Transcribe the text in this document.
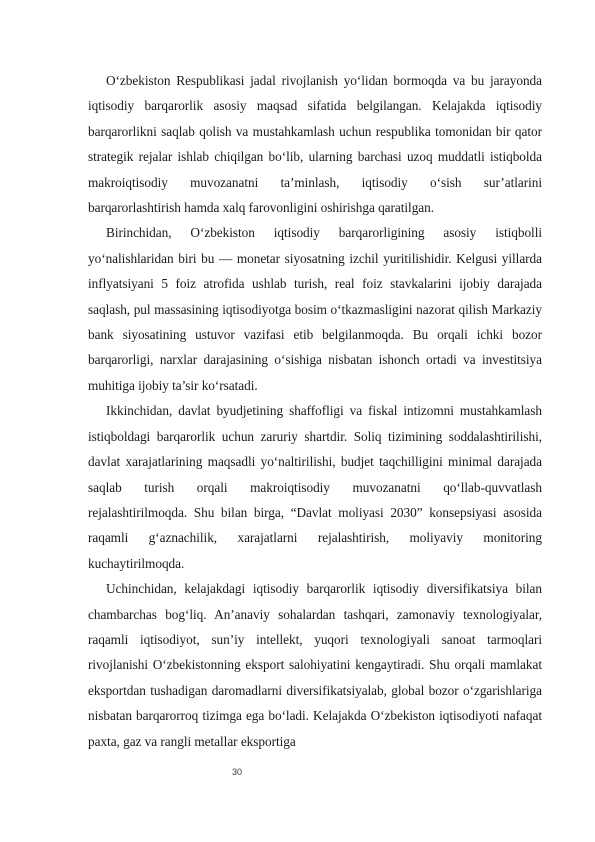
O‘zbekiston Respublikasi jadal rivojlanish yo‘lidan bormoqda va bu jarayonda iqtisodiy barqarorlik asosiy maqsad sifatida belgilangan. Kelajakda iqtisodiy barqarorlikni saqlab qolish va mustahkamlash uchun respublika tomonidan bir qator strategik rejalar ishlab chiqilgan bo‘lib, ularning barchasi uzoq muddatli istiqbolda makroiqtisodiy muvozanatni ta’minlash, iqtisodiy o‘sish sur’atlarini barqarorlashtirish hamda xalq farovonligini oshirishga qaratilgan.

Birinchidan, O‘zbekiston iqtisodiy barqarorligining asosiy istiqbolli yo‘nalishlaridan biri bu — monetar siyosatning izchil yuritilishidir. Kelgusi yillarda inflyatsiyani 5 foiz atrofida ushlab turish, real foiz stavkalarini ijobiy darajada saqlash, pul massasining iqtisodiyotga bosim o‘tkazmasligini nazorat qilish Markaziy bank siyosatining ustuvor vazifasi etib belgilanmoqda. Bu orqali ichki bozor barqarorligi, narxlar darajasining o‘sishiga nisbatan ishonch ortadi va investitsiya muhitiga ijobiy ta’sir ko‘rsatadi.

Ikkinchidan, davlat byudjetining shaffofligi va fiskal intizomni mustahkamlash istiqboldagi barqarorlik uchun zaruriy shartdir. Soliq tizimining soddalashtirilishi, davlat xarajatlarining maqsadli yo‘naltirilishi, budjet taqchilligini minimal darajada saqlab turish orqali makroiqtisodiy muvozanatni qo‘llab-quvvatlash rejalashtirilmoqda. Shu bilan birga, “Davlat moliyasi 2030” konsepsiyasi asosida raqamli g‘aznachilik, xarajatlarni rejalashtirish, moliyaviy monitoring kuchaytirilmoqda.

Uchinchidan, kelajakdagi iqtisodiy barqarorlik iqtisodiy diversifikatsiya bilan chambarchas bog‘liq. An’anaviy sohalardan tashqari, zamonaviy texnologiyalar, raqamli iqtisodiyot, sun’iy intellekt, yuqori texnologiyali sanoat tarmoqlari rivojlanishi O‘zbekistonning eksport salohiyatini kengaytiradi. Shu orqali mamlakat eksportdan tushadigan daromadlarni diversifikatsiyalab, global bozor o‘zgarishlariga nisbatan barqarorroq tizimga ega bo‘ladi. Kelajakda O‘zbekiston iqtisodiyoti nafaqat paxta, gaz va rangli metallar eksportiga

30
